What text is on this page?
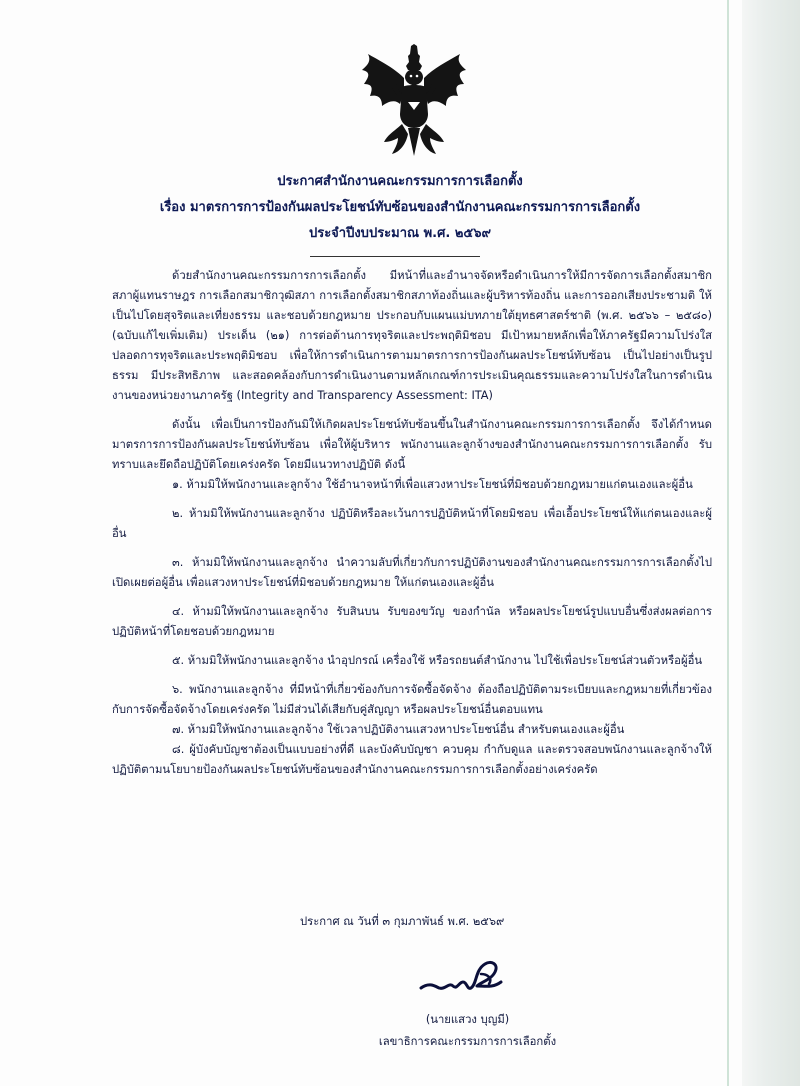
ประกาศสำนักงานคณะกรรมการการเลือกตั้ง
เรื่อง มาตรการการป้องกันผลประโยชน์ทับซ้อนของสำนักงานคณะกรรมการการเลือกตั้ง
ประจำปีงบประมาณ พ.ศ. ๒๕๖๙

ด้วยสำนักงานคณะกรรมการการเลือกตั้ง มีหน้าที่และอำนาจจัดหรือดำเนินการให้มีการจัดการเลือกตั้งสมาชิกสภาผู้แทนราษฎร การเลือกสมาชิกวุฒิสภา การเลือกตั้งสมาชิกสภาท้องถิ่นและผู้บริหารท้องถิ่น และการออกเสียงประชามติ ให้เป็นไปโดยสุจริตและเที่ยงธรรม และชอบด้วยกฎหมาย ประกอบกับแผนแม่บทภายใต้ยุทธศาสตร์ชาติ (พ.ศ. ๒๕๖๖ – ๒๕๘๐) (ฉบับแก้ไขเพิ่มเติม) ประเด็น (๒๑) การต่อต้านการทุจริตและประพฤติมิชอบ มีเป้าหมายหลักเพื่อให้ภาครัฐมีความโปร่งใส ปลอดการทุจริตและประพฤติมิชอบ เพื่อให้การดำเนินการตามมาตรการการป้องกันผลประโยชน์ทับซ้อน เป็นไปอย่างเป็นรูปธรรม มีประสิทธิภาพ และสอดคล้องกับการดำเนินงานตามหลักเกณฑ์การประเมินคุณธรรมและความโปร่งใสในการดำเนินงานของหน่วยงานภาครัฐ (Integrity and Transparency Assessment: ITA)

ดังนั้น เพื่อเป็นการป้องกันมิให้เกิดผลประโยชน์ทับซ้อนขึ้นในสำนักงานคณะกรรมการการเลือกตั้ง จึงได้กำหนดมาตรการการป้องกันผลประโยชน์ทับซ้อน เพื่อให้ผู้บริหาร พนักงานและลูกจ้างของสำนักงานคณะกรรมการการเลือกตั้ง รับทราบและยึดถือปฏิบัติโดยเคร่งครัด โดยมีแนวทางปฏิบัติ ดังนี้

๑. ห้ามมิให้พนักงานและลูกจ้าง ใช้อำนาจหน้าที่เพื่อแสวงหาประโยชน์ที่มิชอบด้วยกฎหมายแก่ตนเองและผู้อื่น

๒. ห้ามมิให้พนักงานและลูกจ้าง ปฏิบัติหรือละเว้นการปฏิบัติหน้าที่โดยมิชอบ เพื่อเอื้อประโยชน์ให้แก่ตนเองและผู้อื่น

๓. ห้ามมิให้พนักงานและลูกจ้าง นำความลับที่เกี่ยวกับการปฏิบัติงานของสำนักงานคณะกรรมการการเลือกตั้งไปเปิดเผยต่อผู้อื่น เพื่อแสวงหาประโยชน์ที่มิชอบด้วยกฎหมาย ให้แก่ตนเองและผู้อื่น

๔. ห้ามมิให้พนักงานและลูกจ้าง รับสินบน รับของขวัญ ของกำนัล หรือผลประโยชน์รูปแบบอื่นซึ่งส่งผลต่อการปฏิบัติหน้าที่โดยชอบด้วยกฎหมาย

๕. ห้ามมิให้พนักงานและลูกจ้าง นำอุปกรณ์ เครื่องใช้ หรือรถยนต์สำนักงาน ไปใช้เพื่อประโยชน์ส่วนตัวหรือผู้อื่น

๖. พนักงานและลูกจ้าง ที่มีหน้าที่เกี่ยวข้องกับการจัดซื้อจัดจ้าง ต้องถือปฏิบัติตามระเบียบและกฎหมายที่เกี่ยวข้องกับการจัดซื้อจัดจ้างโดยเคร่งครัด ไม่มีส่วนได้เสียกับคู่สัญญา หรือผลประโยชน์อื่นตอบแทน

๗. ห้ามมิให้พนักงานและลูกจ้าง ใช้เวลาปฏิบัติงานแสวงหาประโยชน์อื่น สำหรับตนเองและผู้อื่น

๘. ผู้บังคับบัญชาต้องเป็นแบบอย่างที่ดี และบังคับบัญชา ควบคุม กำกับดูแล และตรวจสอบพนักงานและลูกจ้างให้ปฏิบัติตามนโยบายป้องกันผลประโยชน์ทับซ้อนของสำนักงานคณะกรรมการการเลือกตั้งอย่างเคร่งครัด

ประกาศ ณ วันที่ ๓ กุมภาพันธ์ พ.ศ. ๒๕๖๙
(นายแสวง บุญมี)
เลขาธิการคณะกรรมการการเลือกตั้ง
